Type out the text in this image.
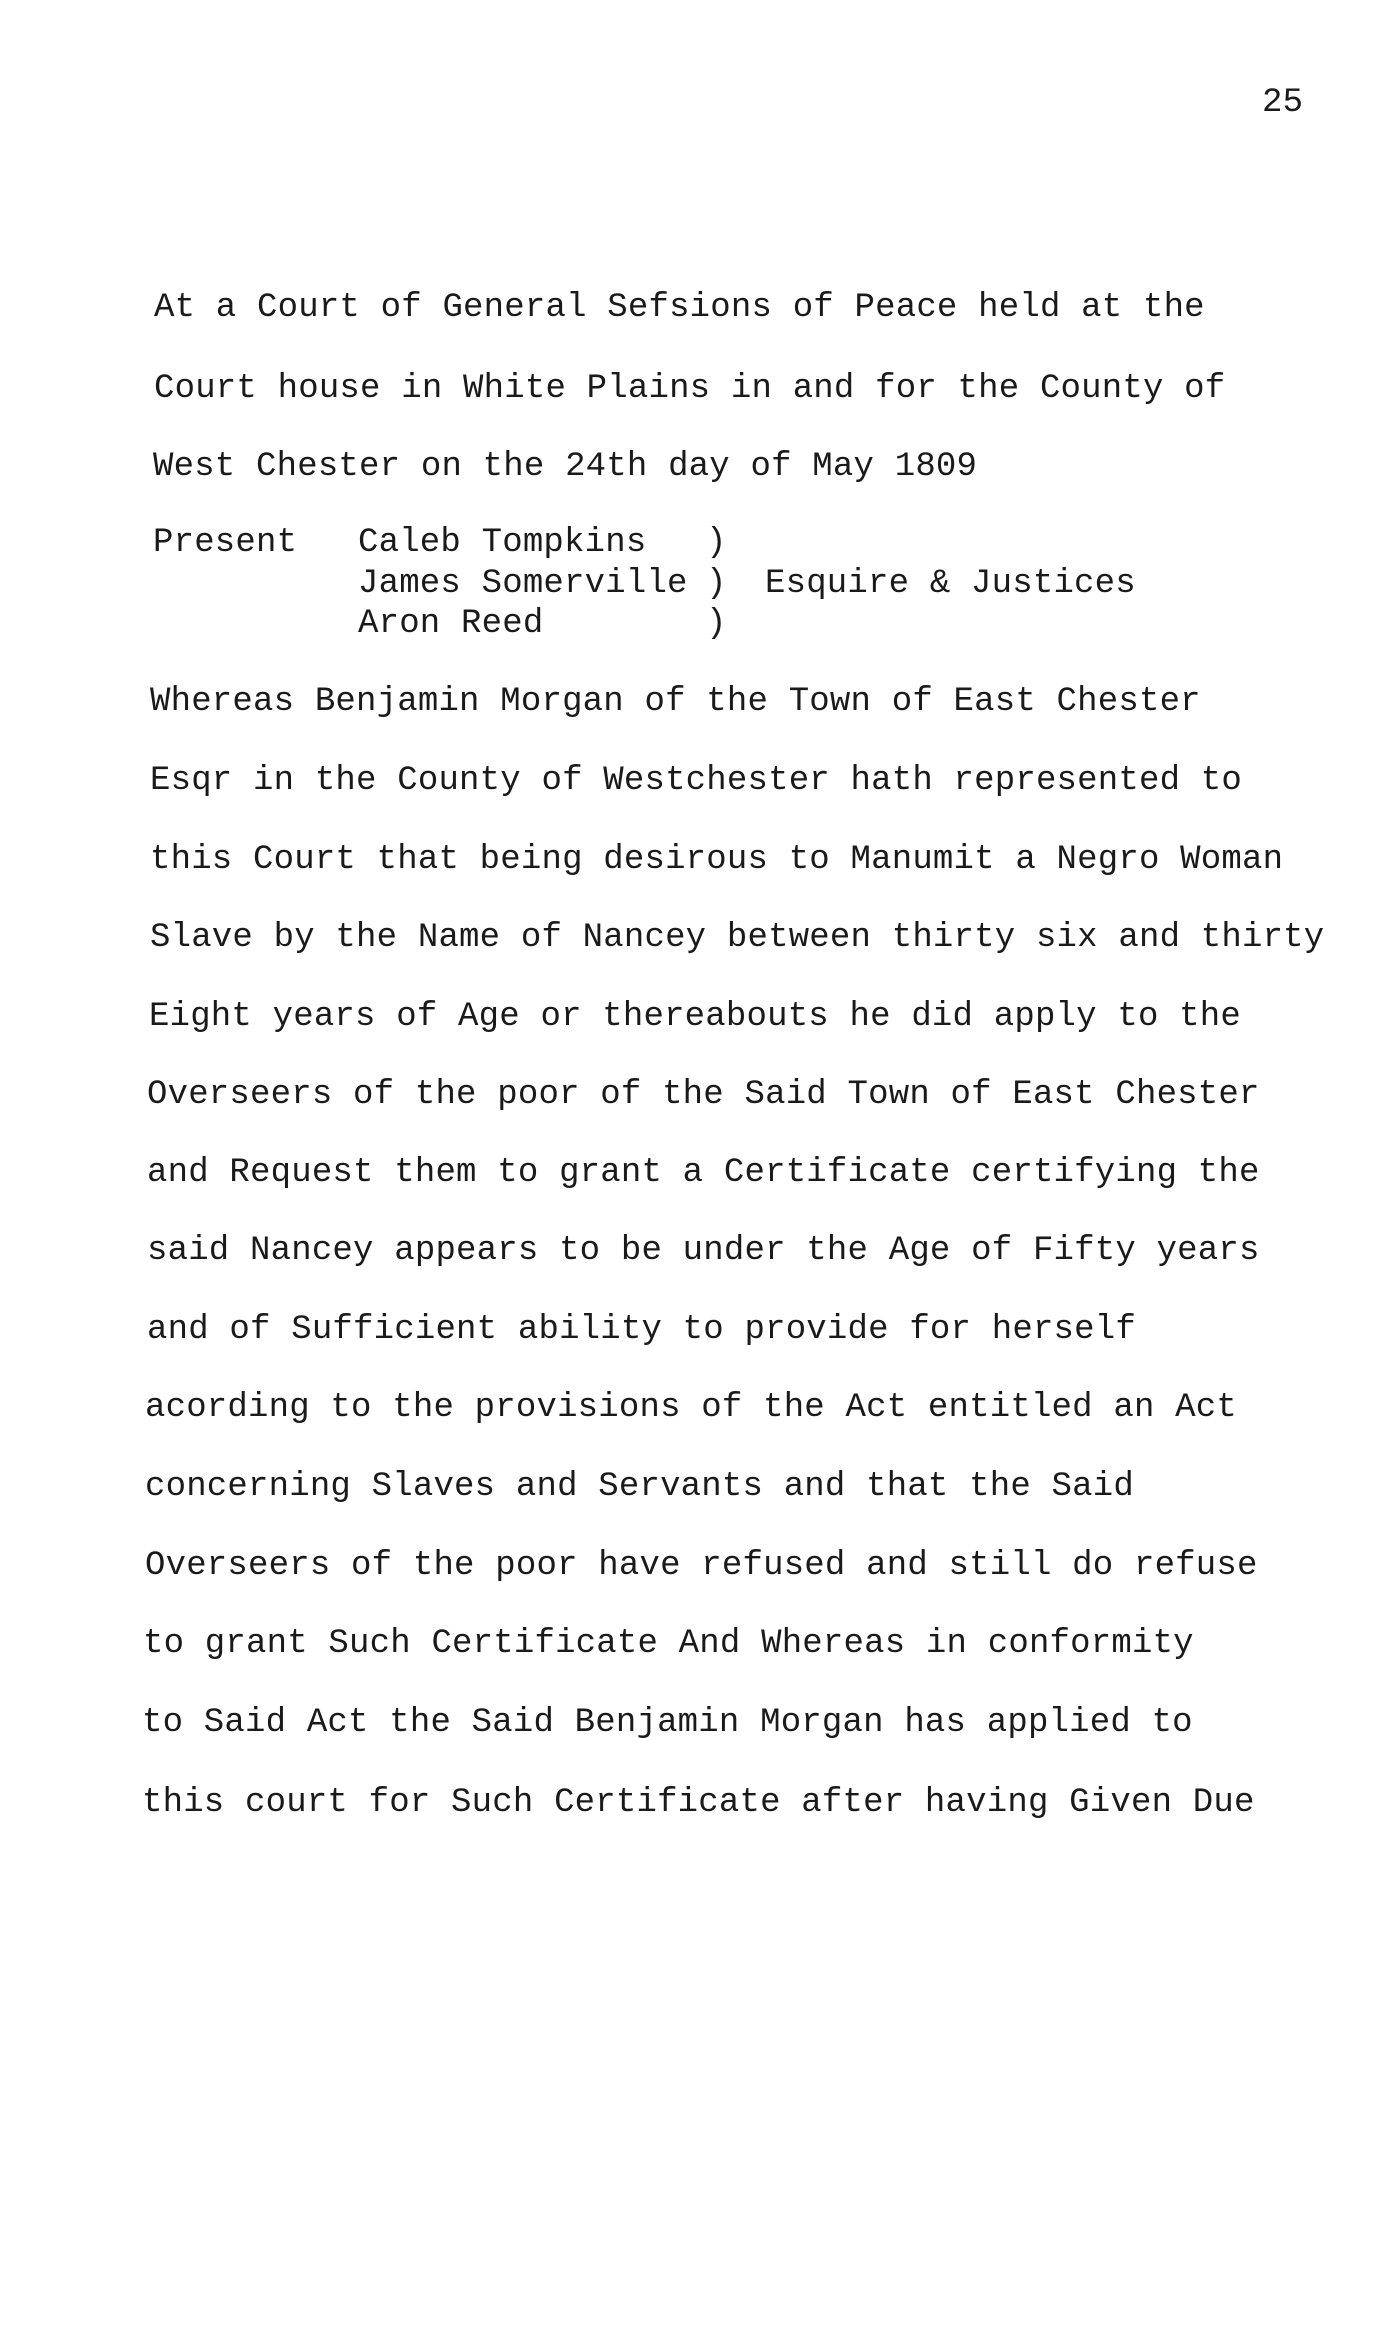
25
At a Court of General Sefsions of Peace held at the
Court house in White Plains in and for the County of
West Chester on the 24th day of May 1809
Present Caleb Tompkins
James Somerville
Aron Reed
)
)
)
Esquire & Justices
Whereas Benjamin Morgan of the Town of East Chester
Esqr in the County of Westchester hath represented to
this Court that being desirous to Manumit a Negro Woman
Slave by the Name of Nancey between thirty six and thirty
Eight years of Age or thereabouts he did apply to the
Overseers of the poor of the Said Town of East Chester
and Request them to grant a Certificate certifying the
said Nancey appears to be under the Age of Fifty years
and of Sufficient ability to provide for herself
acording to the provisions of the Act entitled an Act
concerning Slaves and Servants and that the Said
Overseers of the poor have refused and still do refuse
to grant Such Certificate And Whereas in conformity
to Said Act the Said Benjamin Morgan has applied to
this court for Such Certificate after having Given Due
